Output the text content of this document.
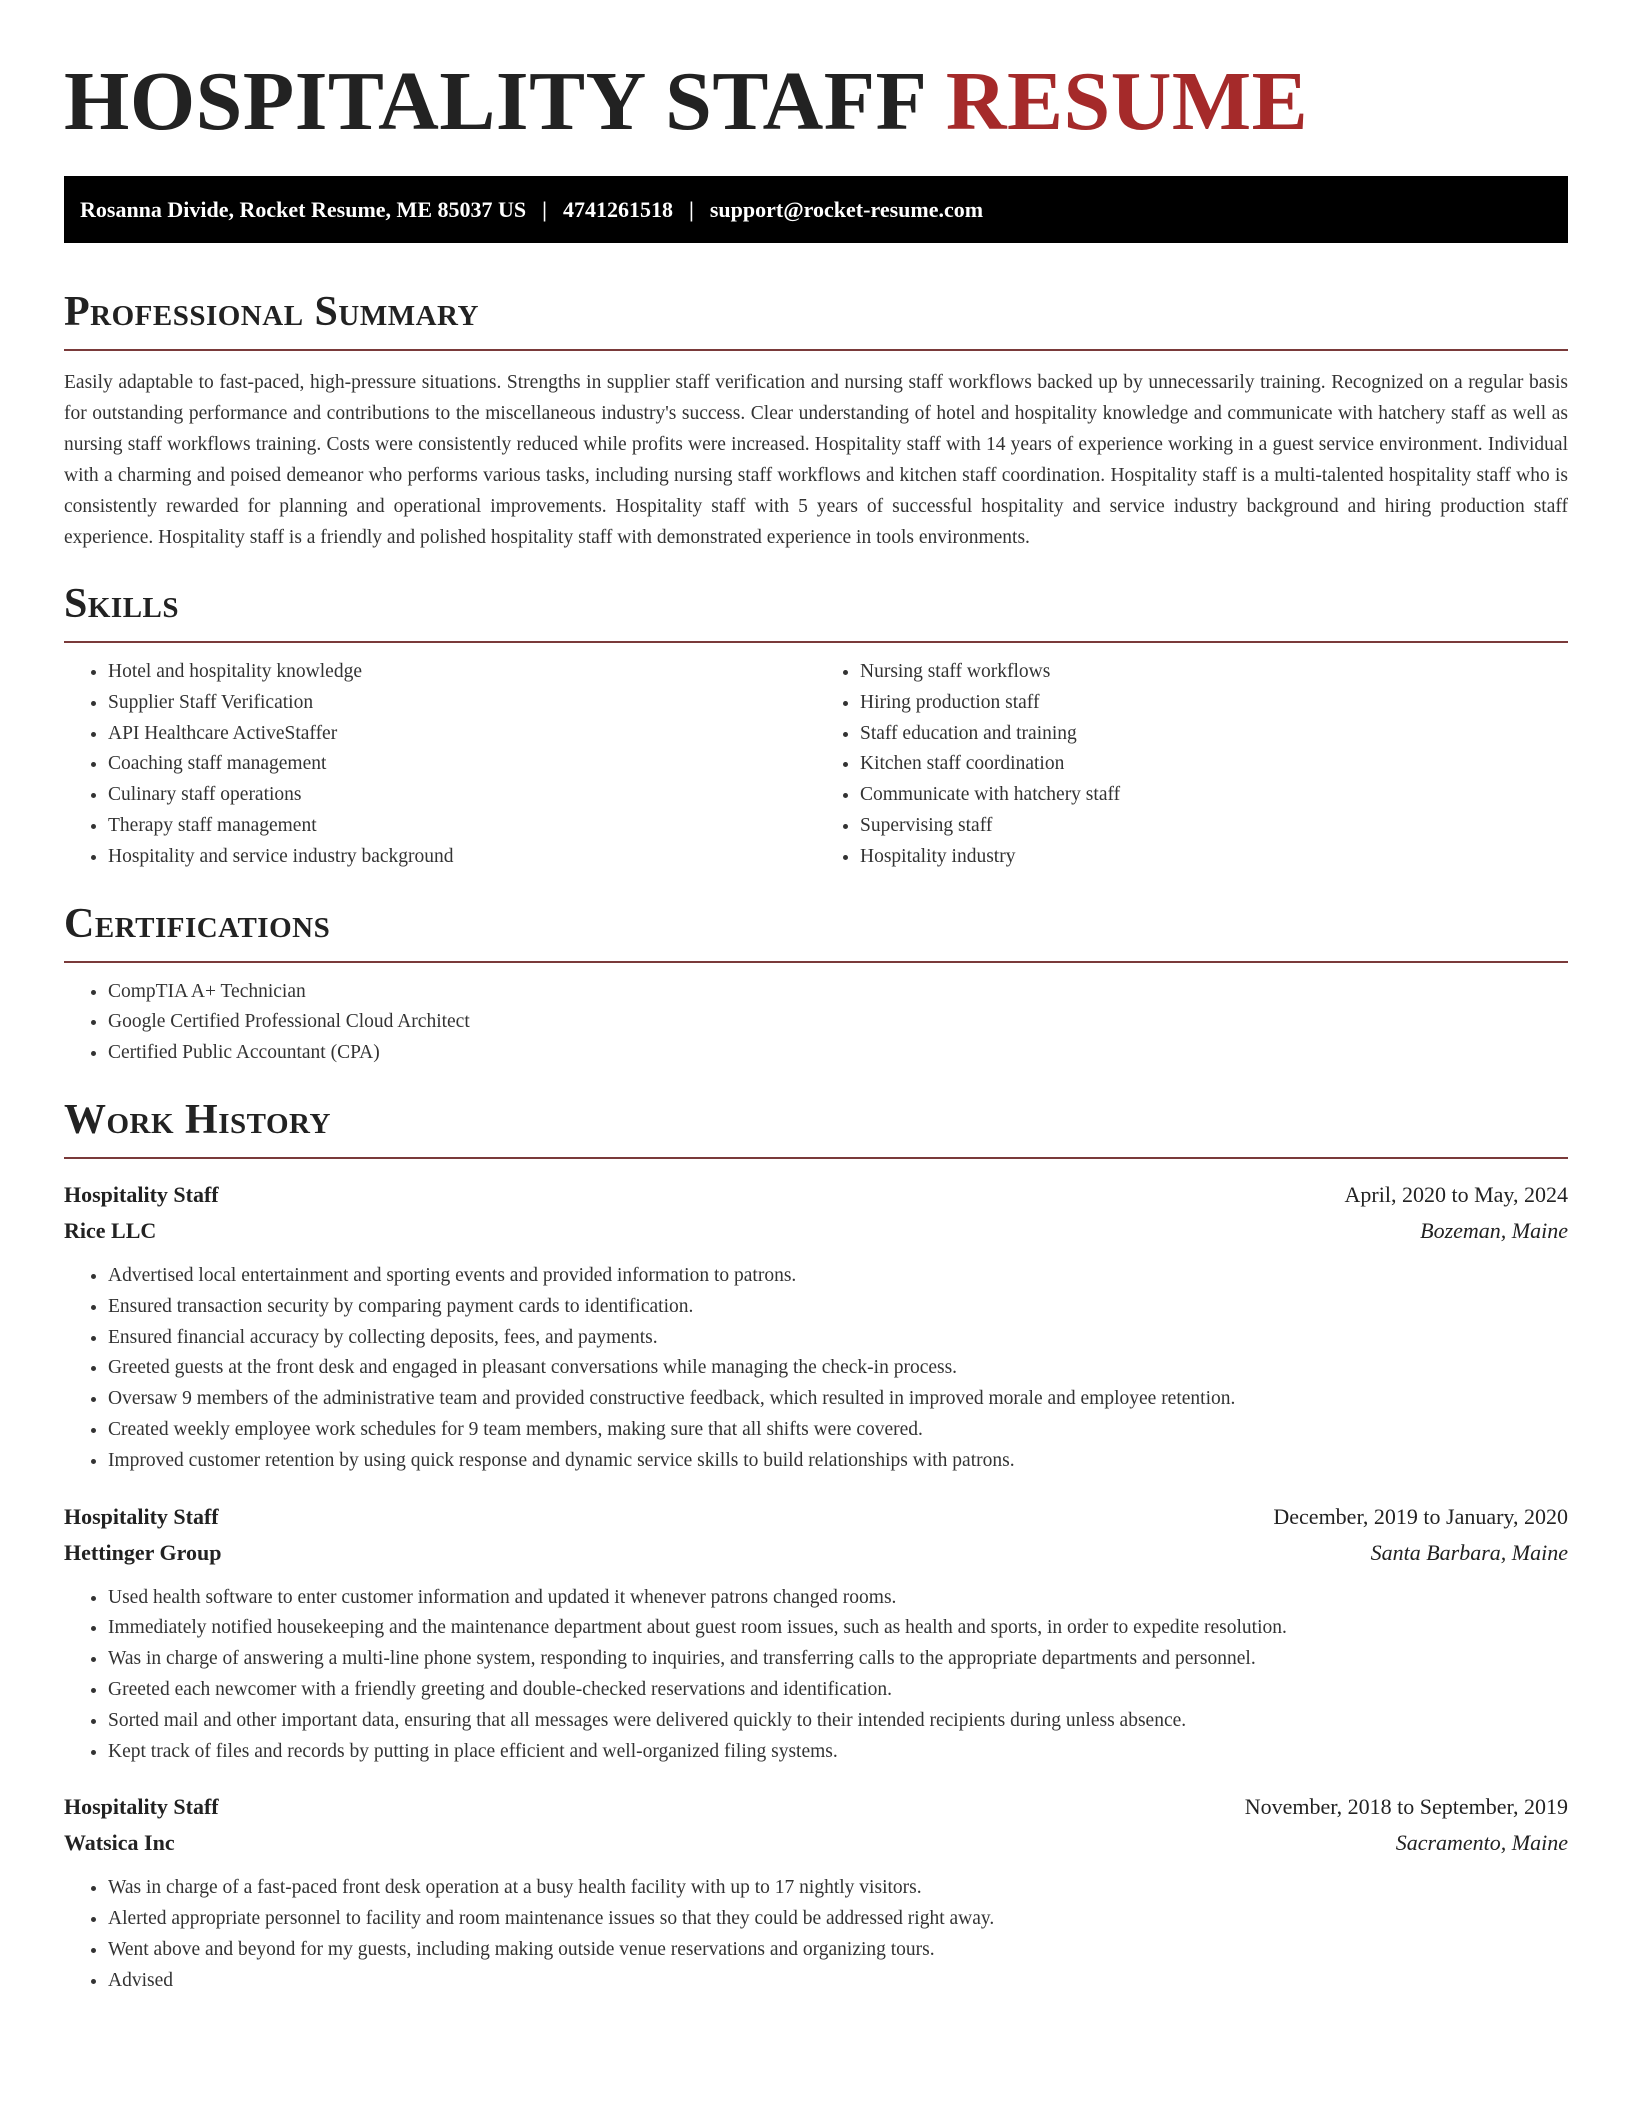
HOSPITALITY STAFF RESUME
Rosanna Divide, Rocket Resume, ME 85037 US | 4741261518 | support@rocket-resume.com
Professional Summary

Easily adaptable to fast-paced, high-pressure situations. Strengths in supplier staff verification and nursing staff workflows backed up by unnecessarily training. Recognized on a regular basis for outstanding performance and contributions to the miscellaneous industry's success. Clear understanding of hotel and hospitality knowledge and communicate with hatchery staff as well as nursing staff workflows training. Costs were consistently reduced while profits were increased. Hospitality staff with 14 years of experience working in a guest service environment. Individual with a charming and poised demeanor who performs various tasks, including nursing staff workflows and kitchen staff coordination. Hospitality staff is a multi-talented hospitality staff who is consistently rewarded for planning and operational improvements. Hospitality staff with 5 years of successful hospitality and service industry background and hiring production staff experience. Hospitality staff is a friendly and polished hospitality staff with demonstrated experience in tools environments.

Skills
• Hotel and hospitality knowledge
• Supplier Staff Verification
• API Healthcare ActiveStaffer
• Coaching staff management
• Culinary staff operations
• Therapy staff management
• Hospitality and service industry background
• Nursing staff workflows
• Hiring production staff
• Staff education and training
• Kitchen staff coordination
• Communicate with hatchery staff
• Supervising staff
• Hospitality industry
Certifications
• CompTIA A+ Technician
• Google Certified Professional Cloud Architect
• Certified Public Accountant (CPA)
Work History
Hospitality Staff	April, 2020 to May, 2024
Rice LLC	Bozeman, Maine
• Advertised local entertainment and sporting events and provided information to patrons.
• Ensured transaction security by comparing payment cards to identification.
• Ensured financial accuracy by collecting deposits, fees, and payments.
• Greeted guests at the front desk and engaged in pleasant conversations while managing the check-in process.
• Oversaw 9 members of the administrative team and provided constructive feedback, which resulted in improved morale and employee retention.
• Created weekly employee work schedules for 9 team members, making sure that all shifts were covered.
• Improved customer retention by using quick response and dynamic service skills to build relationships with patrons.
Hospitality Staff	December, 2019 to January, 2020
Hettinger Group	Santa Barbara, Maine
• Used health software to enter customer information and updated it whenever patrons changed rooms.
• Immediately notified housekeeping and the maintenance department about guest room issues, such as health and sports, in order to expedite resolution.
• Was in charge of answering a multi-line phone system, responding to inquiries, and transferring calls to the appropriate departments and personnel.
• Greeted each newcomer with a friendly greeting and double-checked reservations and identification.
• Sorted mail and other important data, ensuring that all messages were delivered quickly to their intended recipients during unless absence.
• Kept track of files and records by putting in place efficient and well-organized filing systems.
Hospitality Staff	November, 2018 to September, 2019
Watsica Inc	Sacramento, Maine
• Was in charge of a fast-paced front desk operation at a busy health facility with up to 17 nightly visitors.
• Alerted appropriate personnel to facility and room maintenance issues so that they could be addressed right away.
• Went above and beyond for my guests, including making outside venue reservations and organizing tours.
• Advised
